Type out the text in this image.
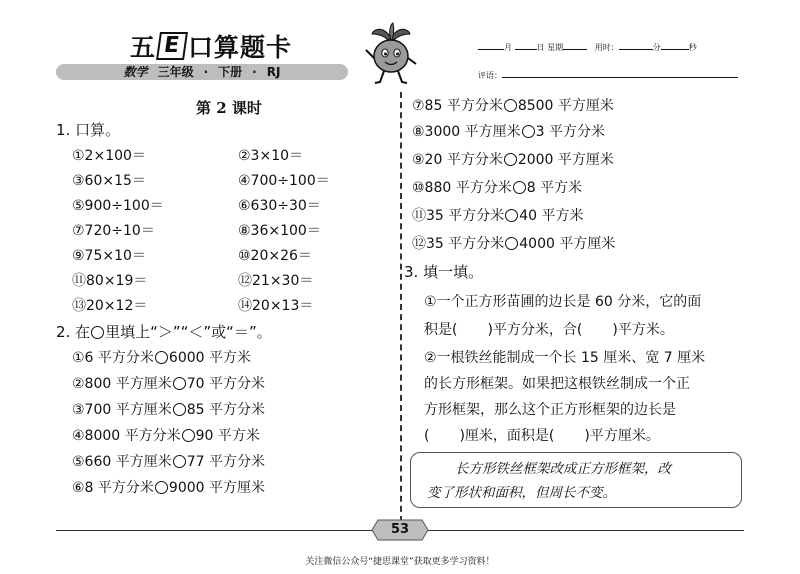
五 E 口算题卡
数学 三年级 · 下册 · RJ
月	日 星期	用时：	分	秒
评语：
第 2 课时
1. 口算。
①2×100＝	②3×10＝
③60×15＝	④700÷100＝
⑤900÷100＝	⑥630÷30＝
⑦720÷10＝	⑧36×100＝
⑨75×10＝	⑩20×26＝
⑪80×19＝	⑫21×30＝
⑬20×12＝	⑭20×13＝
2. 在 里填上“＞”“＜”或“＝”。
①6 平方分米 6000 平方米
②800 平方厘米 70 平方分米
③700 平方厘米 85 平方分米
④8000 平方分米 90 平方米
⑤660 平方厘米 77 平方分米
⑥8 平方分米 9000 平方厘米
⑦85 平方分米 8500 平方厘米
⑧3000 平方厘米 3 平方分米
⑨20 平方分米 2000 平方厘米
⑩880 平方分米 8 平方米
⑪35 平方分米 40 平方米
⑫35 平方分米 4000 平方厘米
3. 填一填。
①一个正方形苗圃的边长是 60 分米，它的面
积是( )平方分米，合( )平方米。
②一根铁丝能制成一个长 15 厘米、宽 7 厘米
的长方形框架。如果把这根铁丝制成一个正
方形框架，那么这个正方形框架的边长是
( )厘米，面积是( )平方厘米。
长方形铁丝框架改成正方形框架，改
变了形状和面积，但周长不变。
53
关注微信公众号“捷思课堂”获取更多学习资料！
